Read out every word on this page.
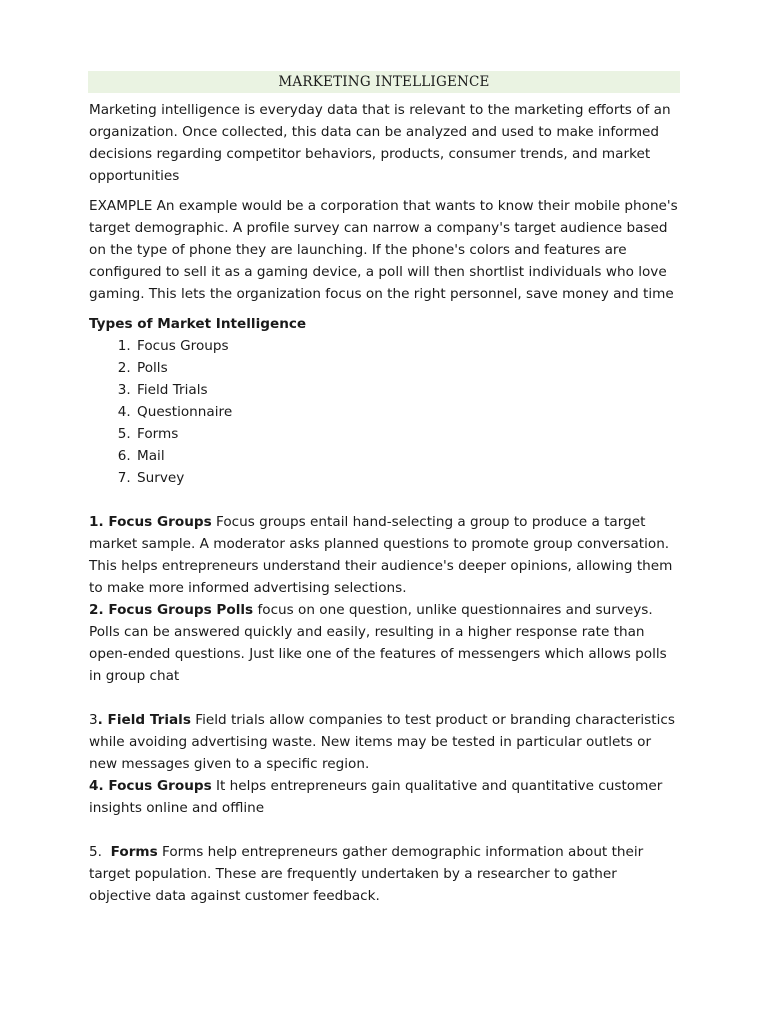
MARKETING INTELLIGENCE

Marketing intelligence is everyday data that is relevant to the marketing efforts of an organization. Once collected, this data can be analyzed and used to make informed decisions regarding competitor behaviors, products, consumer trends, and market opportunities

EXAMPLE An example would be a corporation that wants to know their mobile phone's target demographic. A profile survey can narrow a company's target audience based on the type of phone they are launching. If the phone's colors and features are configured to sell it as a gaming device, a poll will then shortlist individuals who love gaming. This lets the organization focus on the right personnel, save money and time

Types of Market Intelligence

1. Focus Groups
2. Polls
3. Field Trials
4. Questionnaire
5. Forms
6. Mail
7. Survey

1. Focus Groups Focus groups entail hand-selecting a group to produce a target market sample. A moderator asks planned questions to promote group conversation. This helps entrepreneurs understand their audience's deeper opinions, allowing them to make more informed advertising selections.

2. Focus Groups Polls focus on one question, unlike questionnaires and surveys. Polls can be answered quickly and easily, resulting in a higher response rate than open-ended questions. Just like one of the features of messengers which allows polls in group chat

3. Field Trials Field trials allow companies to test product or branding characteristics while avoiding advertising waste. New items may be tested in particular outlets or new messages given to a specific region.

4. Focus Groups It helps entrepreneurs gain qualitative and quantitative customer insights online and offline

5.  Forms Forms help entrepreneurs gather demographic information about their target population. These are frequently undertaken by a researcher to gather objective data against customer feedback.
